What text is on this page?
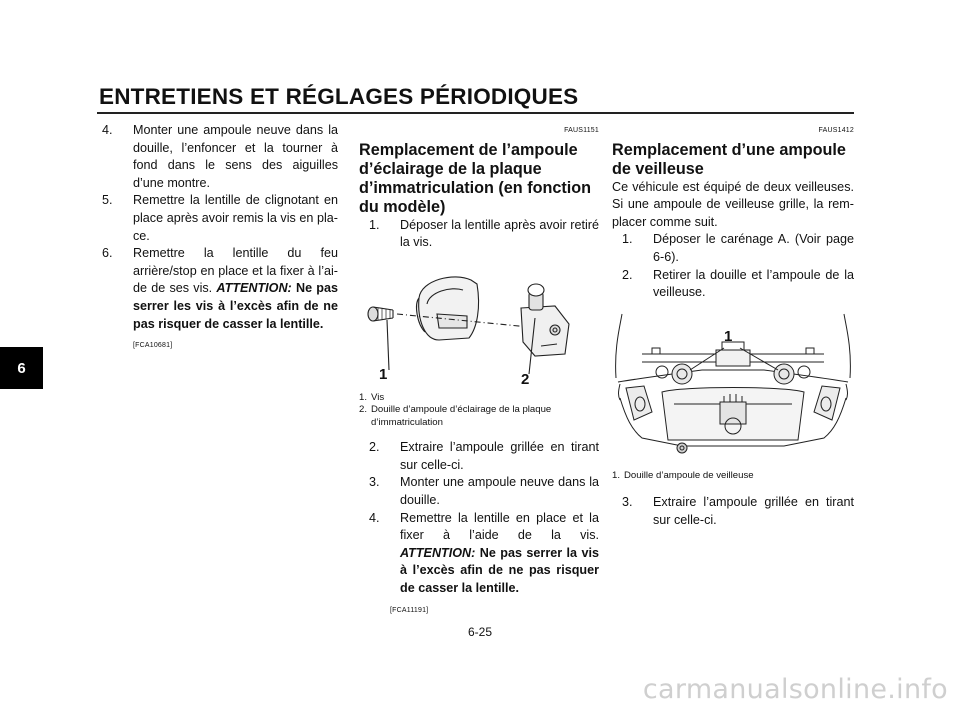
ENTRETIENS ET RÉGLAGES PÉRIODIQUES
6
4. Monter une ampoule neuve dans la douille, l’enfoncer et la tourner à fond dans le sens des aiguilles d’une montre.
5. Remettre la lentille de clignotant en place après avoir remis la vis en pla-ce.
6. Remettre la lentille du feu arrière/stop en place et la fixer à l’ai-de de ses vis. ATTENTION: Ne pas serrer les vis à l’excès afin de ne pas risquer de casser la lentille.
[FCA10681]
FAUS1151
Remplacement de l’ampoule d’éclairage de la plaque d’immatriculation (en fonction du modèle)
1. Déposer la lentille après avoir retiré la vis.
1	2
1. Vis
2. Douille d’ampoule d’éclairage de la plaque d’immatriculation
2. Extraire l’ampoule grillée en tirant sur celle-ci.
3. Monter une ampoule neuve dans la douille.
4. Remettre la lentille en place et la fixer à l’aide de la vis. ATTENTION: Ne pas serrer la vis à l’excès afin de ne pas risquer de casser la lentille.
[FCA11191]
FAUS1412
Remplacement d’une ampoule de veilleuse
Ce véhicule est équipé de deux veilleuses. Si une ampoule de veilleuse grille, la rem-placer comme suit.
1. Déposer le carénage A. (Voir page 6-6).
2. Retirer la douille et l’ampoule de la veilleuse.
1
1. Douille d’ampoule de veilleuse
3. Extraire l’ampoule grillée en tirant sur celle-ci.
6-25
carmanualsonline.info
